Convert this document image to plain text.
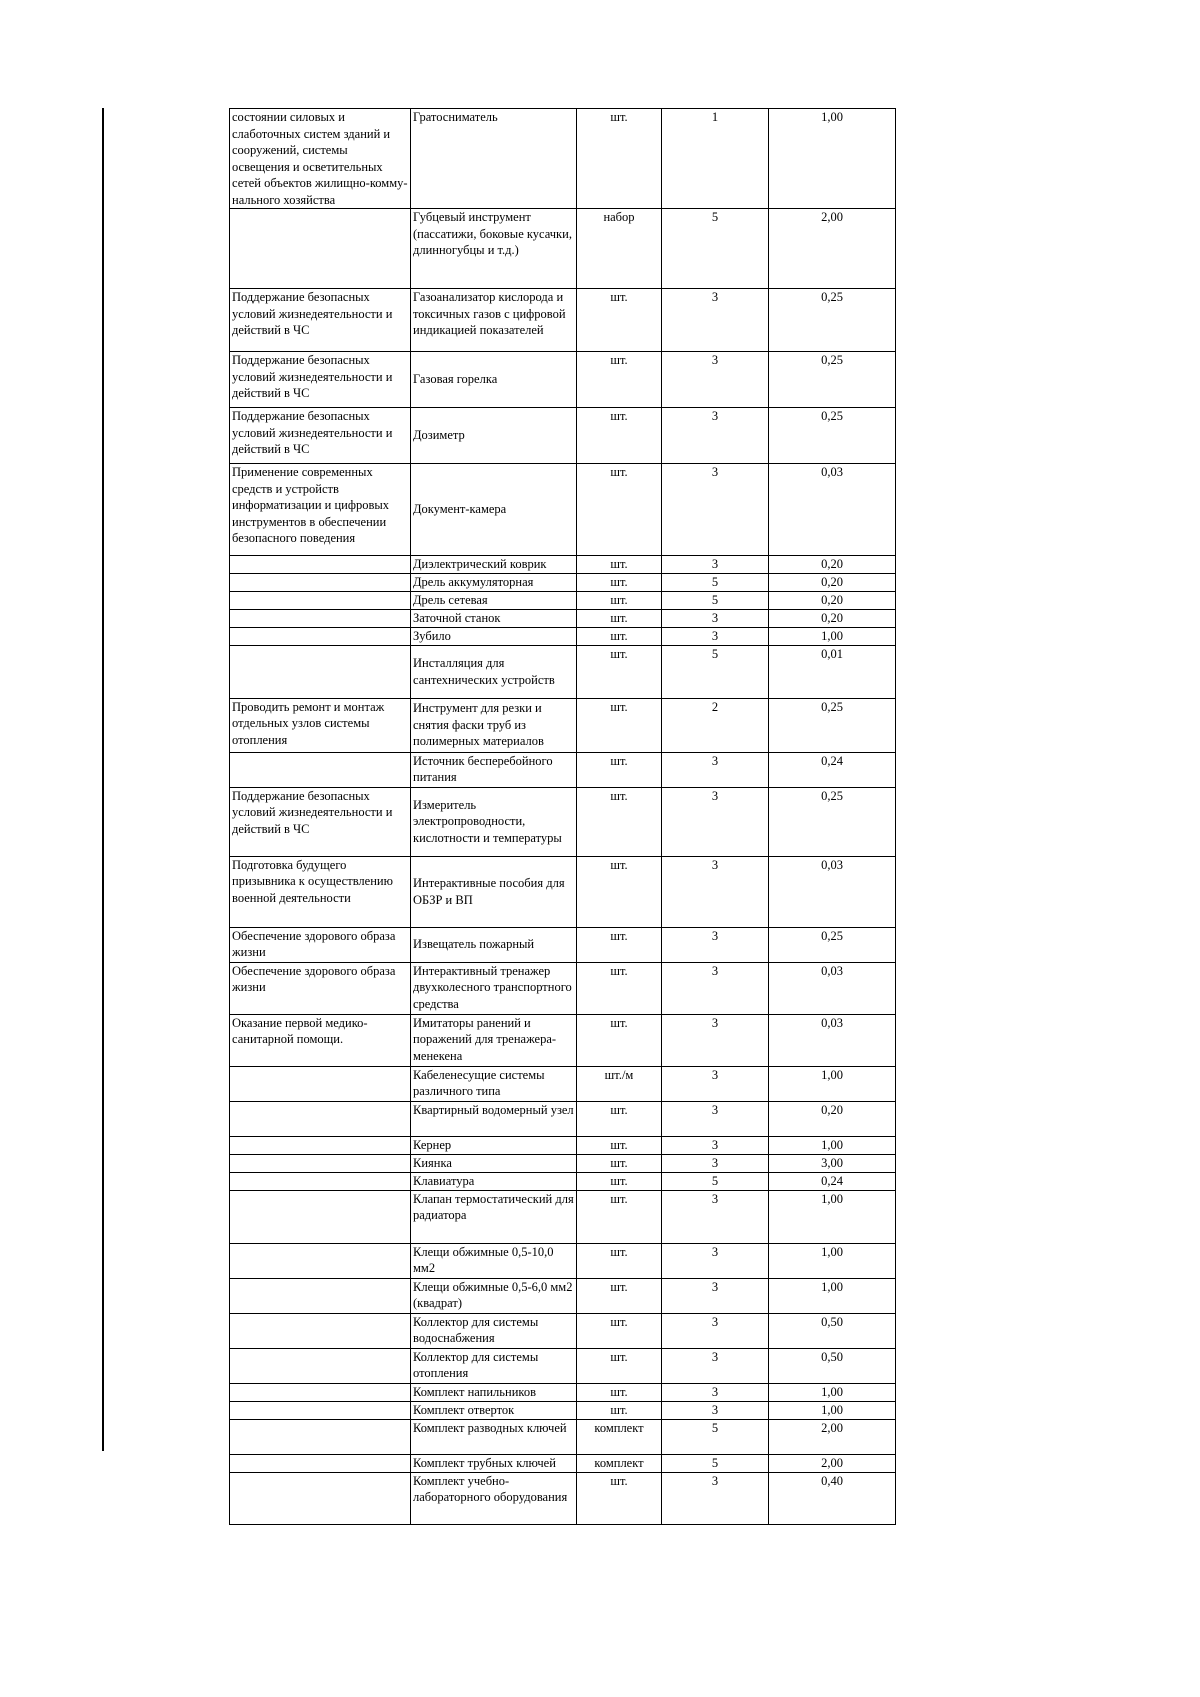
состоянии силовых и слаботочных систем зданий и сооружений, системы освещения и осветительных сетей объектов жилищно-комму-нального хозяйства	Гратосниматель	шт.	1	1,00
	Губцевый инструмент (пассатижи, боковые кусачки, длинногубцы и т.д.)	набор	5	2,00
Поддержание безопасных условий жизнедеятельности и действий в ЧС	Газоанализатор кислорода и токсичных газов с цифровой индикацией показателей	шт.	3	0,25
Поддержание безопасных условий жизнедеятельности и действий в ЧС	Газовая горелка	шт.	3	0,25
Поддержание безопасных условий жизнедеятельности и действий в ЧС	Дозиметр	шт.	3	0,25
Применение современных средств и устройств информатизации и цифровых инструментов в обеспечении безопасного поведения	Документ-камера	шт.	3	0,03
	Диэлектрический коврик	шт.	3	0,20
	Дрель аккумуляторная	шт.	5	0,20
	Дрель сетевая	шт.	5	0,20
	Заточной станок	шт.	3	0,20
	Зубило	шт.	3	1,00
	Инсталляция для сантехнических устройств	шт.	5	0,01
Проводить ремонт и монтаж отдельных узлов системы отопления	Инструмент для резки и снятия фаски труб из полимерных материалов	шт.	2	0,25
	Источник бесперебойного питания	шт.	3	0,24
Поддержание безопасных условий жизнедеятельности и действий в ЧС	Измеритель электропроводности, кислотности и температуры	шт.	3	0,25
Подготовка будущего призывника к осуществлению военной деятельности	Интерактивные пособия для ОБЗР и ВП	шт.	3	0,03
Обеспечение здорового образа жизни	Извещатель пожарный	шт.	3	0,25
Обеспечение здорового образа жизни	Интерактивный тренажер двухколесного транспортного средства	шт.	3	0,03
Оказание первой медико-санитарной помощи.	Имитаторы ранений и поражений для тренажера-менекена	шт.	3	0,03
	Кабеленесущие системы различного типа	шт./м	3	1,00
	Квартирный водомерный узел	шт.	3	0,20
	Кернер	шт.	3	1,00
	Киянка	шт.	3	3,00
	Клавиатура	шт.	5	0,24
	Клапан термостатический для радиатора	шт.	3	1,00
	Клещи обжимные 0,5-10,0 мм2	шт.	3	1,00
	Клещи обжимные 0,5-6,0 мм2 (квадрат)	шт.	3	1,00
	Коллектор для системы водоснабжения	шт.	3	0,50
	Коллектор для системы отопления	шт.	3	0,50
	Комплект напильников	шт.	3	1,00
	Комплект отверток	шт.	3	1,00
	Комплект разводных ключей	комплект	5	2,00
	Комплект трубных ключей	комплект	5	2,00
	Комплект учебно-лабораторного оборудования	шт.	3	0,40
